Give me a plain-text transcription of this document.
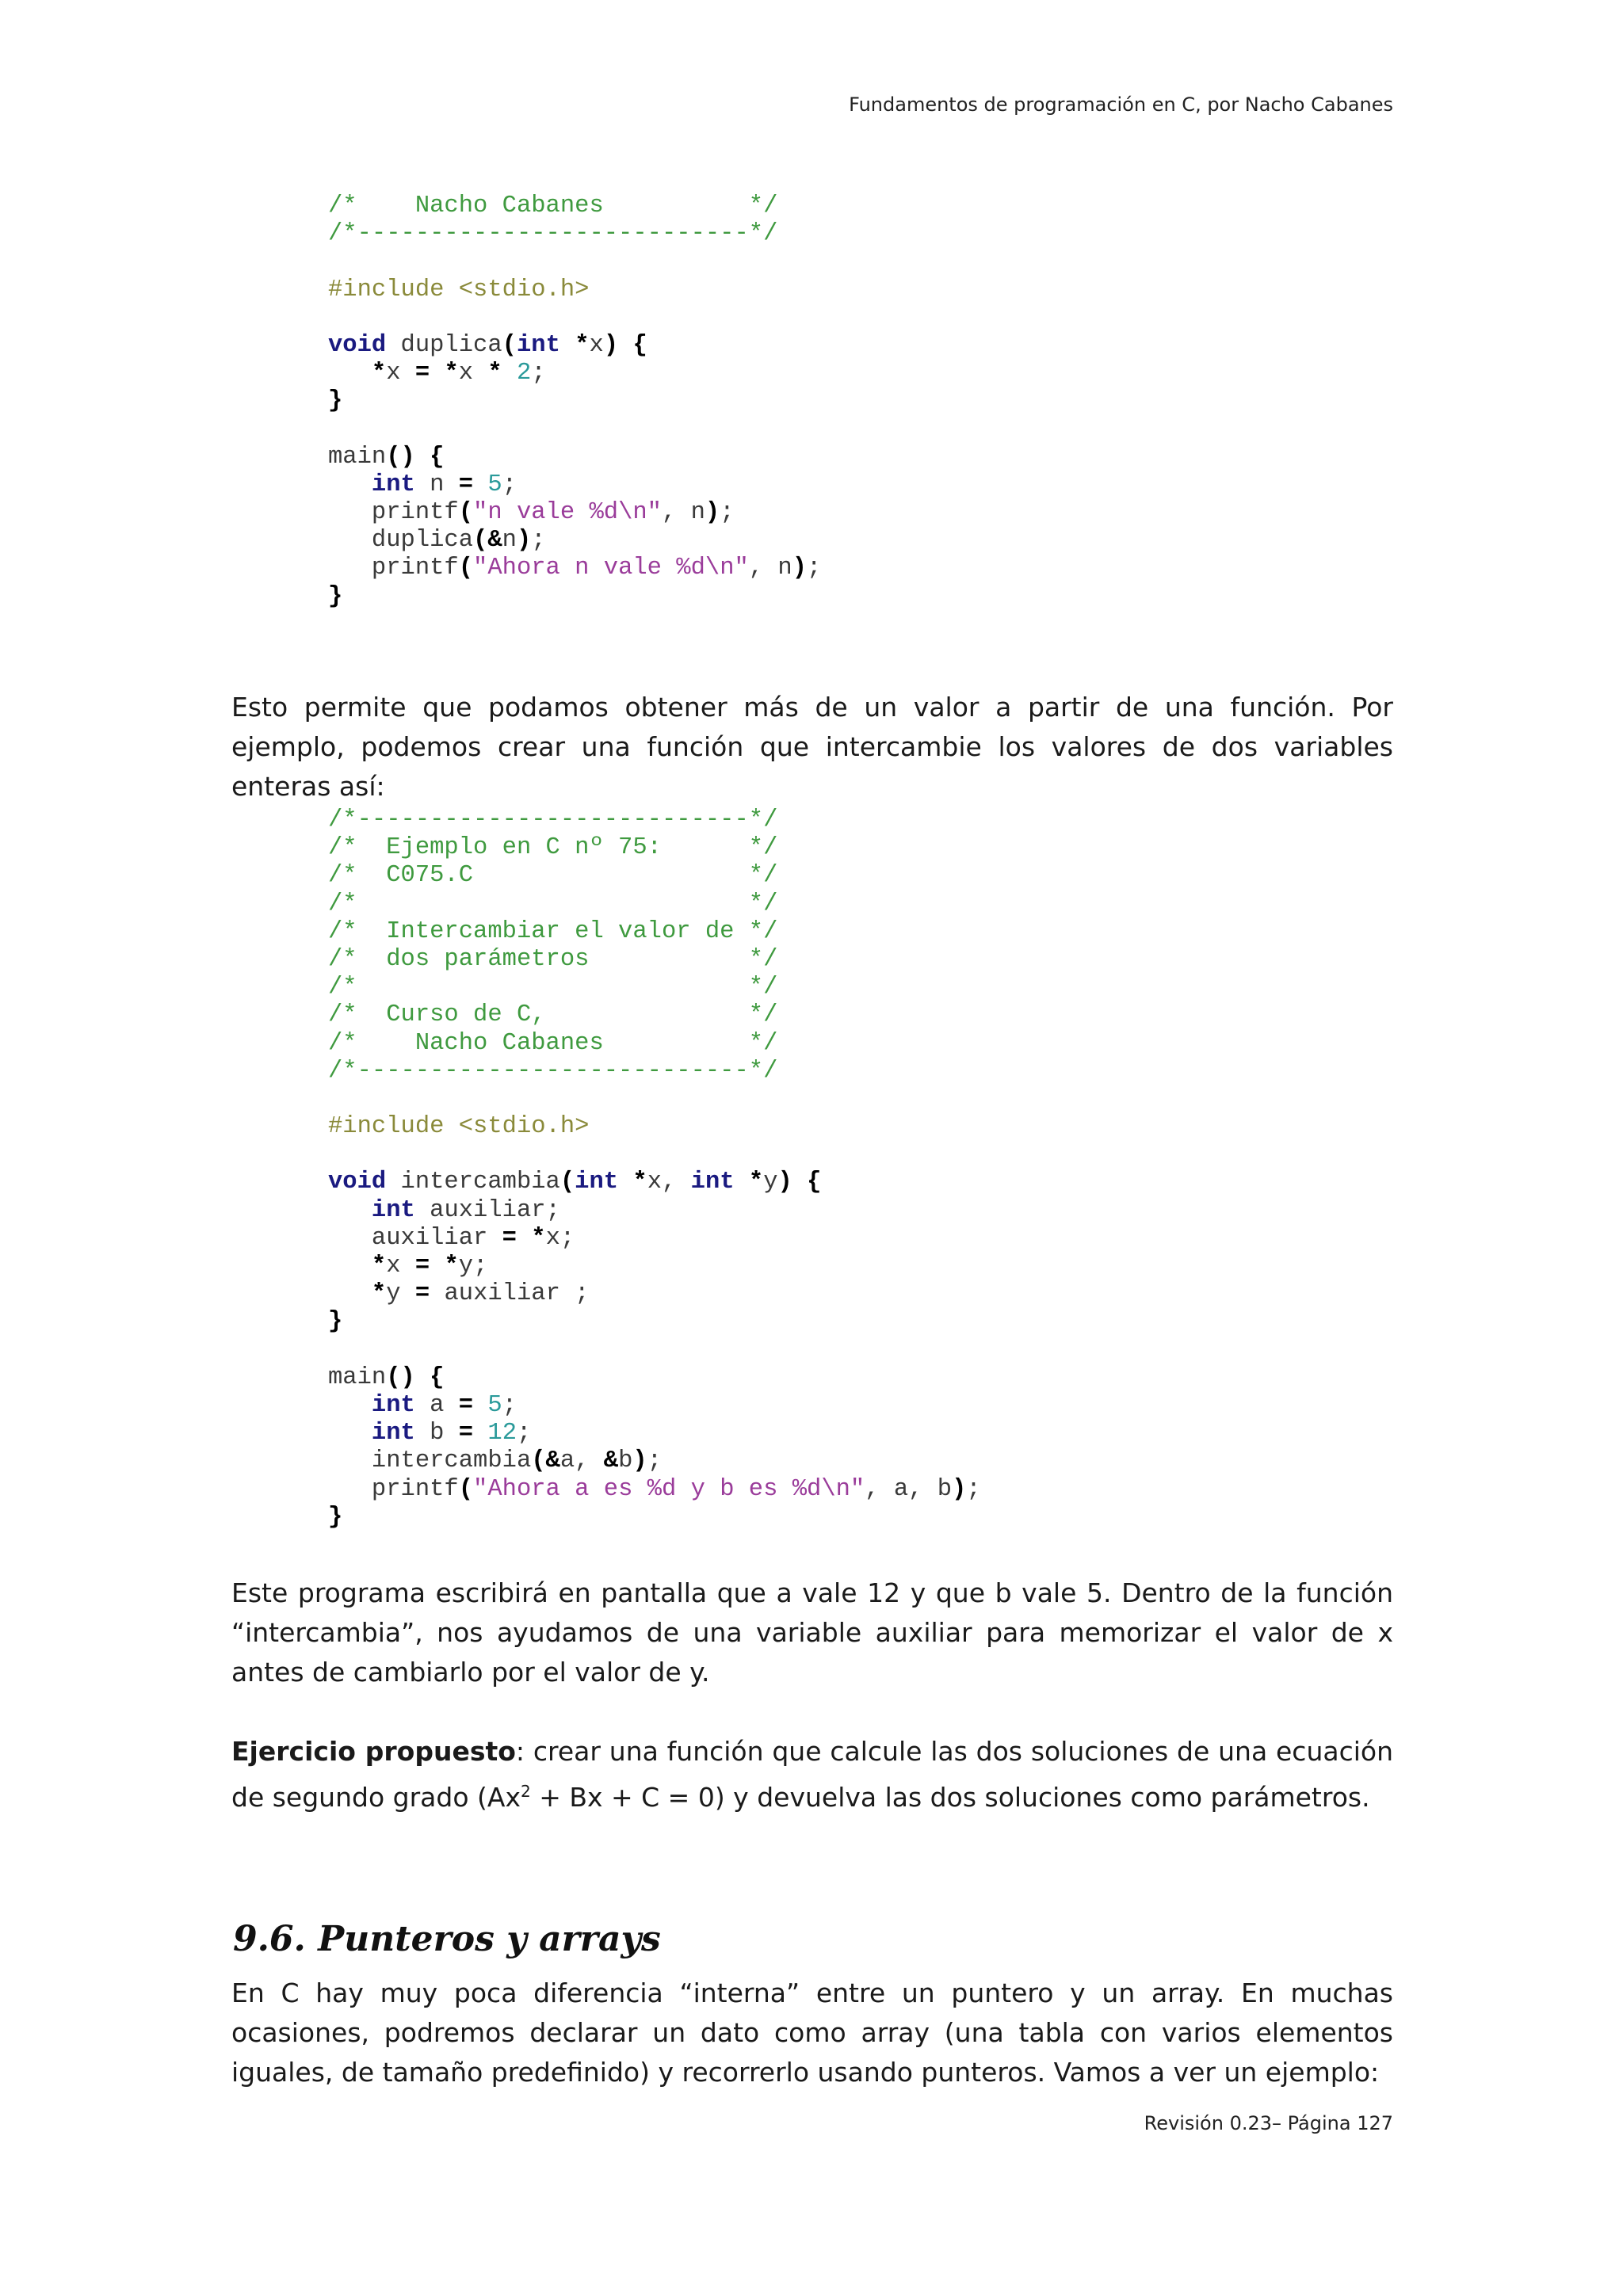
Fundamentos de programación en C, por Nacho Cabanes
/*    Nacho Cabanes          */
/*---------------------------*/
#include <stdio.h>
void duplica(int *x) {
*x = *x * 2;
}
main() {
int n = 5;
printf("n vale %d\n", n);
duplica(&n);
printf("Ahora n vale %d\n", n);
}

Esto permite que podamos obtener más de un valor a partir de una función. Por ejemplo, podemos crear una función que intercambie los valores de dos variables enteras así:

/*---------------------------*/
/*  Ejemplo en C nº 75:      */
/*  C075.C                   */
/*                           */
/*  Intercambiar el valor de */
/*  dos parámetros           */
/*                           */
/*  Curso de C,              */
/*    Nacho Cabanes          */
/*---------------------------*/
#include <stdio.h>
void intercambia(int *x, int *y) {
int auxiliar;
auxiliar = *x;
*x = *y;
*y = auxiliar ;
}
main() {
int a = 5;
int b = 12;
intercambia(&a, &b);
printf("Ahora a es %d y b es %d\n", a, b);
}

Este programa escribirá en pantalla que a vale 12 y que b vale 5. Dentro de la función “intercambia”, nos ayudamos de una variable auxiliar para memorizar el valor de x antes de cambiarlo por el valor de y.

Ejercicio propuesto: crear una función que calcule las dos soluciones de una ecuación de segundo grado $(Ax^2 + Bx + C = 0)$ y devuelva las dos soluciones como parámetros.

9.6. Punteros y arrays

En C hay muy poca diferencia “interna” entre un puntero y un array. En muchas ocasiones, podremos declarar un dato como array (una tabla con varios elementos iguales, de tamaño predefinido) y recorrerlo usando punteros. Vamos a ver un ejemplo:

Revisión 0.23– Página 127
